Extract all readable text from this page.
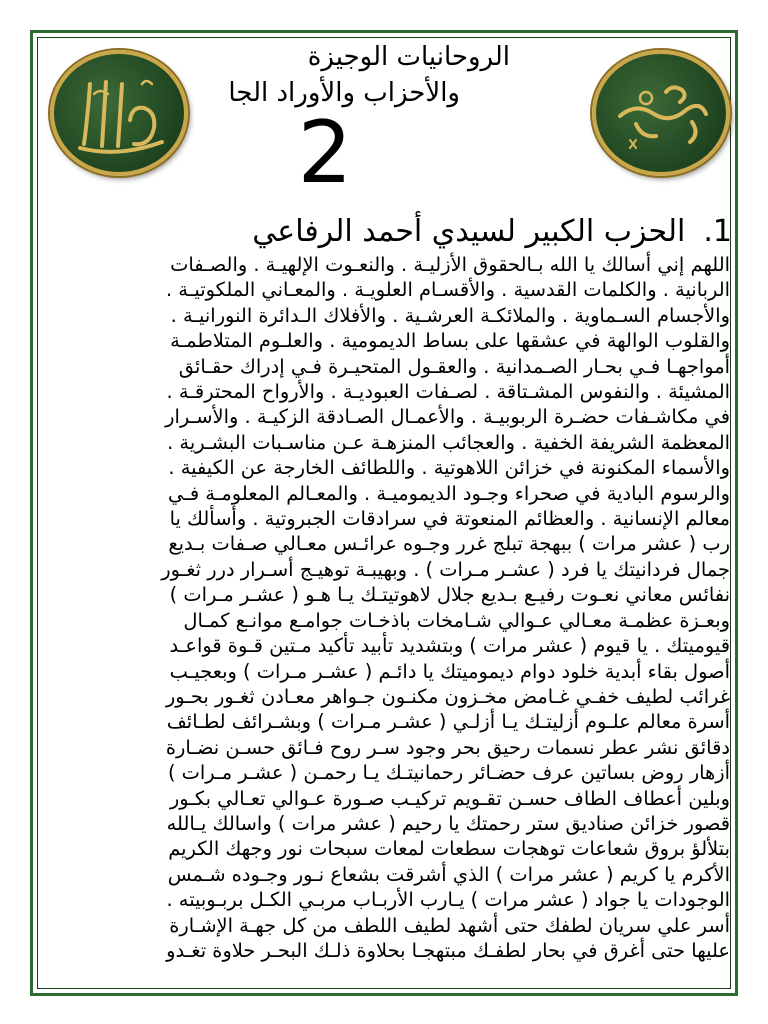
الروحانيات الوجيزة
والأحزاب والأوراد الجا
2
1.الحزب الكبير لسيدي أحمد الرفاعي
اللهم إني أسالك يا الله بـالحقوق الأزليـة . والنعـوت الإلهيـة . والصـفات
الربانية . والكلمات القدسية . والأقسـام العلويـة . والمعـاني الملكوتيـة .
والأجسام السـماوية . والملائكـة العرشـية . والأفلاك الـدائرة النورانيـة .
والقلوب الوالهة في عشقها على بساط الديمومية . والعلـوم المتلاطمـة
أمواجهـا فـي بحـار الصـمدانية . والعقـول المتحيـرة فـي إدراك حقـائق
المشيئة . والنفوس المشـتاقة . لصـفات العبوديـة . والأرواح المحترقـة .
في مكاشـفات حضـرة الربوبيـة . والأعمـال الصـادقة الزكيـة . والأسـرار
المعظمة الشريفة الخفية . والعجائب المنزهـة عـن مناسـبات البشـرية .
والأسماء المكنونة في خزائن اللاهوتية . واللطائف الخارجة عن الكيفية .
والرسوم البادية في صحراء وجـود الديموميـة . والمعـالم المعلومـة فـي
معالم الإنسانية . والعظائم المنعوتة في سرادقات الجبروتية . وأسألك يا
رب ( عشر مرات ) ببهجة تبلج غرر وجـوه عرائـس معـالي صـفات بـديع
جمال فردانيتك يا فرد ( عشـر مـرات ) . وبهيبـة توهيـج أسـرار درر ثغـور
نفائس معاني نعـوت رفيـع بـديع جلال لاهوتيتـك يـا هـو ( عشـر مـرات )
وبعـزة عظمـة معـالي عـوالي شـامخات باذخـات جوامـع موانـع كمـال
قيوميتك . يا قيوم ( عشر مرات ) وبتشديد تأبيد تأكيد مـتين قـوة قواعـد
أصول بقاء أبدية خلود دوام ديموميتك يا دائـم ( عشـر مـرات ) وبعجيـب
غرائب لطيف خفـي غـامض مخـزون مكنـون جـواهر معـادن ثغـور بحـور
أسرة معالم علـوم أزليتـك يـا أزلـي ( عشـر مـرات ) وبشـرائف لطـائف
دقائق نشر عطر نسمات رحيق بحر وجود سـر روح فـائق حسـن نضـارة
أزهار روض بساتين عرف حضـائر رحمانيتـك يـا رحمـن ( عشـر مـرات )
وبلين أعطاف الطاف حسـن تقـويم تركيـب صـورة عـوالي تعـالي بكـور
قصور خزائن صناديق ستر رحمتك يا رحيم ( عشر مرات ) واسالك يـالله
بتلألؤ بروق شعاعات توهجات سطعات لمعات سبحات نور وجهك الكريم
الأكرم يا كريم ( عشر مرات ) الذي أشرقت بشعاع نـور وجـوده شـمس
الوجودات يا جواد ( عشر مرات ) يـارب الأربـاب مربـي الكـل بربـوبيته .
أسر علي سريان لطفك حتى أشهد لطيف اللطف من كل جهـة الإشـارة
عليها حتى أغرق في بحار لطفـك مبتهجـا بحلاوة ذلـك البحـر حلاوة تغـدو
